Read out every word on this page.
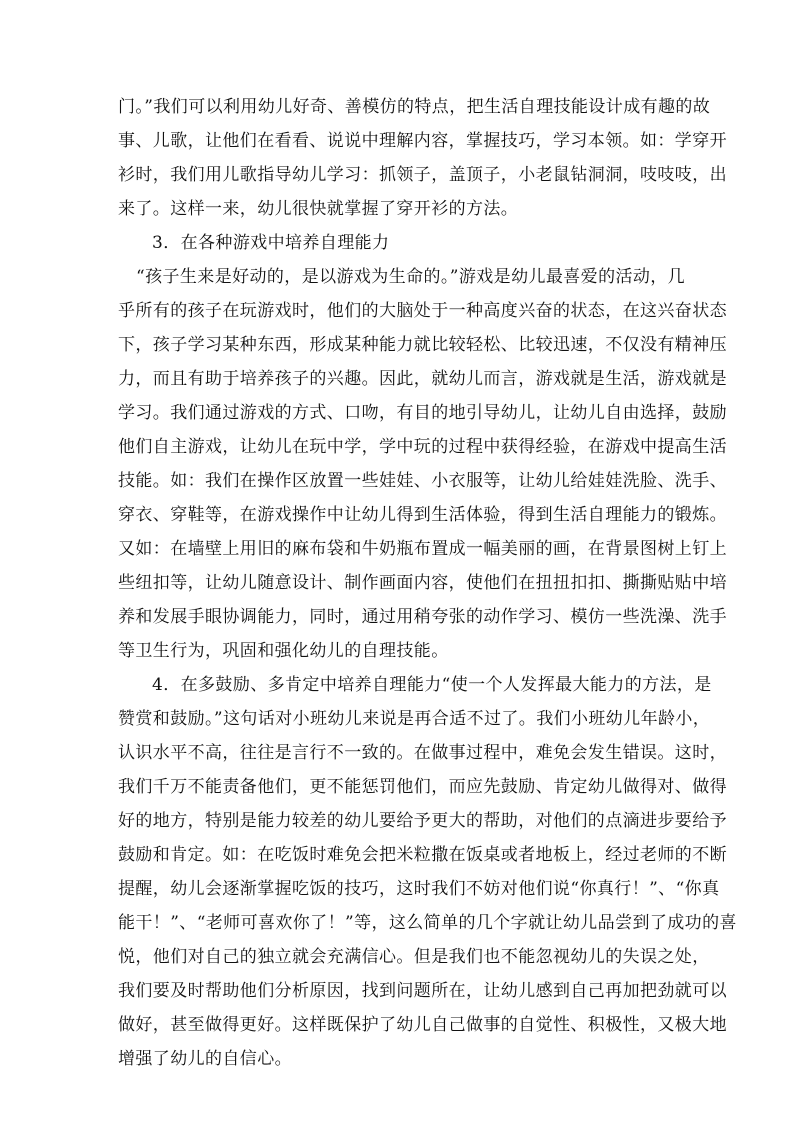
门。”我们可以利用幼儿好奇、善模仿的特点，把生活自理技能设计成有趣的故
事、儿歌，让他们在看看、说说中理解内容，掌握技巧，学习本领。如：学穿开
衫时，我们用儿歌指导幼儿学习：抓领子，盖顶子，小老鼠钻洞洞，吱吱吱，出
来了。这样一来，幼儿很快就掌握了穿开衫的方法。
3．在各种游戏中培养自理能力
“孩子生来是好动的，是以游戏为生命的。”游戏是幼儿最喜爱的活动，几
乎所有的孩子在玩游戏时，他们的大脑处于一种高度兴奋的状态，在这兴奋状态
下，孩子学习某种东西，形成某种能力就比较轻松、比较迅速，不仅没有精神压
力，而且有助于培养孩子的兴趣。因此，就幼儿而言，游戏就是生活，游戏就是
学习。我们通过游戏的方式、口吻，有目的地引导幼儿，让幼儿自由选择，鼓励
他们自主游戏，让幼儿在玩中学，学中玩的过程中获得经验，在游戏中提高生活
技能。如：我们在操作区放置一些娃娃、小衣服等，让幼儿给娃娃洗脸、洗手、
穿衣、穿鞋等，在游戏操作中让幼儿得到生活体验，得到生活自理能力的锻炼。
又如：在墙壁上用旧的麻布袋和牛奶瓶布置成一幅美丽的画，在背景图树上钉上
些纽扣等，让幼儿随意设计、制作画面内容，使他们在扭扭扣扣、撕撕贴贴中培
养和发展手眼协调能力，同时，通过用稍夸张的动作学习、模仿一些洗澡、洗手
等卫生行为，巩固和强化幼儿的自理技能。
4．在多鼓励、多肯定中培养自理能力“使一个人发挥最大能力的方法，是
赞赏和鼓励。”这句话对小班幼儿来说是再合适不过了。我们小班幼儿年龄小，
认识水平不高，往往是言行不一致的。在做事过程中，难免会发生错误。这时，
我们千万不能责备他们，更不能惩罚他们，而应先鼓励、肯定幼儿做得对、做得
好的地方，特别是能力较差的幼儿要给予更大的帮助，对他们的点滴进步要给予
鼓励和肯定。如：在吃饭时难免会把米粒撒在饭桌或者地板上，经过老师的不断
提醒，幼儿会逐渐掌握吃饭的技巧，这时我们不妨对他们说“你真行！”、“你真
能干！”、“老师可喜欢你了！”等，这么简单的几个字就让幼儿品尝到了成功的喜
悦，他们对自己的独立就会充满信心。但是我们也不能忽视幼儿的失误之处，
我们要及时帮助他们分析原因，找到问题所在，让幼儿感到自己再加把劲就可以
做好，甚至做得更好。这样既保护了幼儿自己做事的自觉性、积极性，又极大地
增强了幼儿的自信心。
